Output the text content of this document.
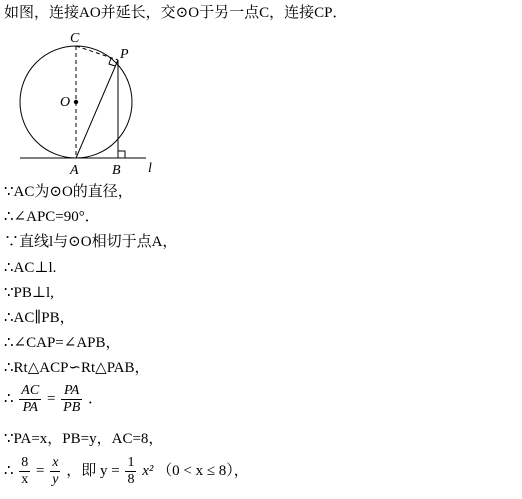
如图，连接AO并延长，交⊙O于另一点C，连接CP．
C
P
O
A B l
∵AC为⊙O的直径，
∴∠APC=90°．
∵直线l与⊙O相切于点A，
∴AC⊥l.
∵PB⊥l,
∴AC∥PB，
∴∠CAP=∠APB，
∴Rt△ACP∽Rt△PAB，
∴ $\frac{AC}{PA} = \frac{PA}{PB}$ ．
∵PA=x，PB=y，AC=8，
∴ $\frac{8}{x} = \frac{x}{y}$ ，即 $y = \frac{1}{8} x^2$ （0 < x ≤ 8），
